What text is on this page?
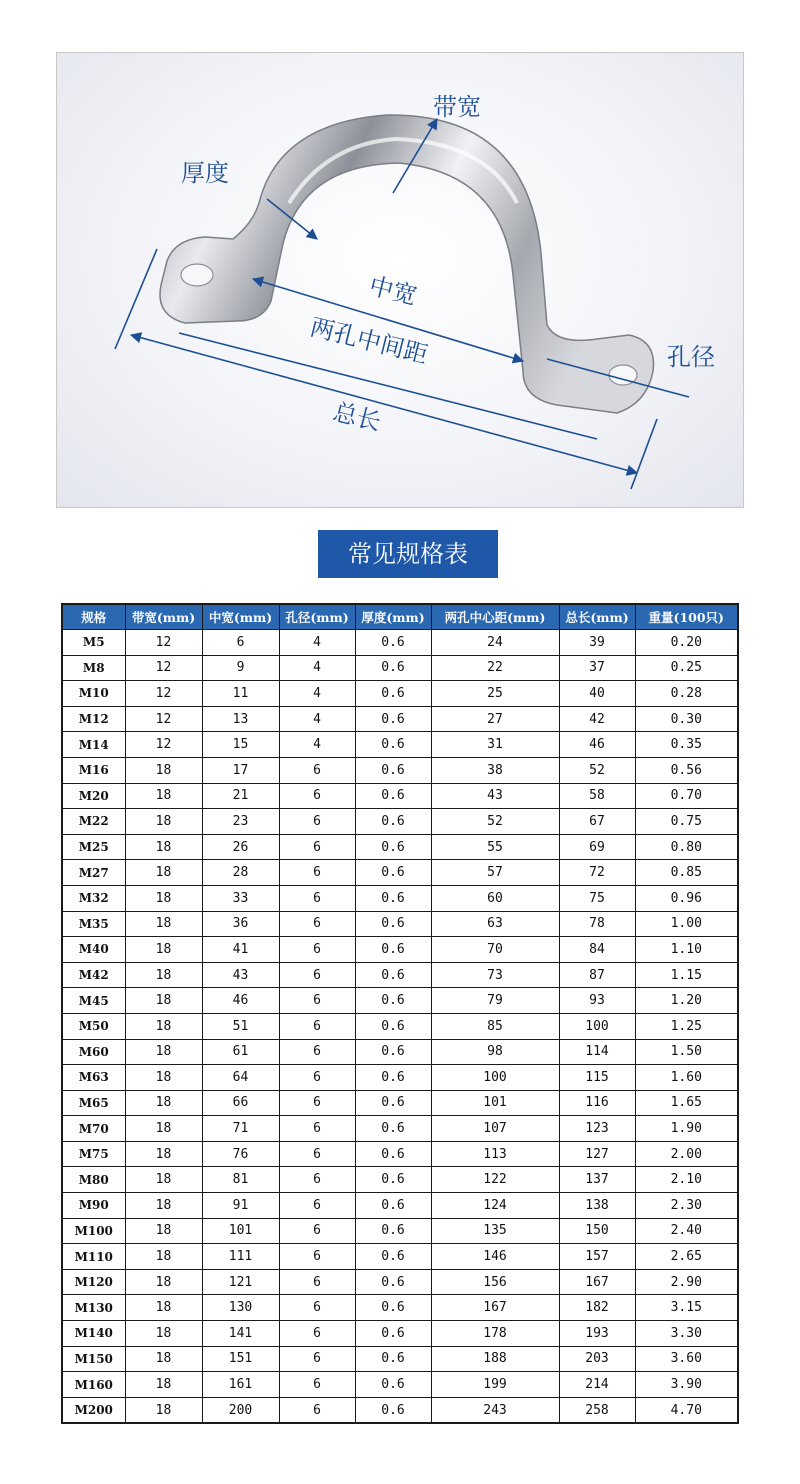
带宽
厚度
中宽
两孔中间距
总长
孔径
常见规格表
规格	带宽(mm)	中宽(mm)	孔径(mm)	厚度(mm)	两孔中心距(mm)	总长(mm)	重量(100只)
M5	12	6	4	0.6	24	39	0.20
M8	12	9	4	0.6	22	37	0.25
M10	12	11	4	0.6	25	40	0.28
M12	12	13	4	0.6	27	42	0.30
M14	12	15	4	0.6	31	46	0.35
M16	18	17	6	0.6	38	52	0.56
M20	18	21	6	0.6	43	58	0.70
M22	18	23	6	0.6	52	67	0.75
M25	18	26	6	0.6	55	69	0.80
M27	18	28	6	0.6	57	72	0.85
M32	18	33	6	0.6	60	75	0.96
M35	18	36	6	0.6	63	78	1.00
M40	18	41	6	0.6	70	84	1.10
M42	18	43	6	0.6	73	87	1.15
M45	18	46	6	0.6	79	93	1.20
M50	18	51	6	0.6	85	100	1.25
M60	18	61	6	0.6	98	114	1.50
M63	18	64	6	0.6	100	115	1.60
M65	18	66	6	0.6	101	116	1.65
M70	18	71	6	0.6	107	123	1.90
M75	18	76	6	0.6	113	127	2.00
M80	18	81	6	0.6	122	137	2.10
M90	18	91	6	0.6	124	138	2.30
M100	18	101	6	0.6	135	150	2.40
M110	18	111	6	0.6	146	157	2.65
M120	18	121	6	0.6	156	167	2.90
M130	18	130	6	0.6	167	182	3.15
M140	18	141	6	0.6	178	193	3.30
M150	18	151	6	0.6	188	203	3.60
M160	18	161	6	0.6	199	214	3.90
M200	18	200	6	0.6	243	258	4.70
